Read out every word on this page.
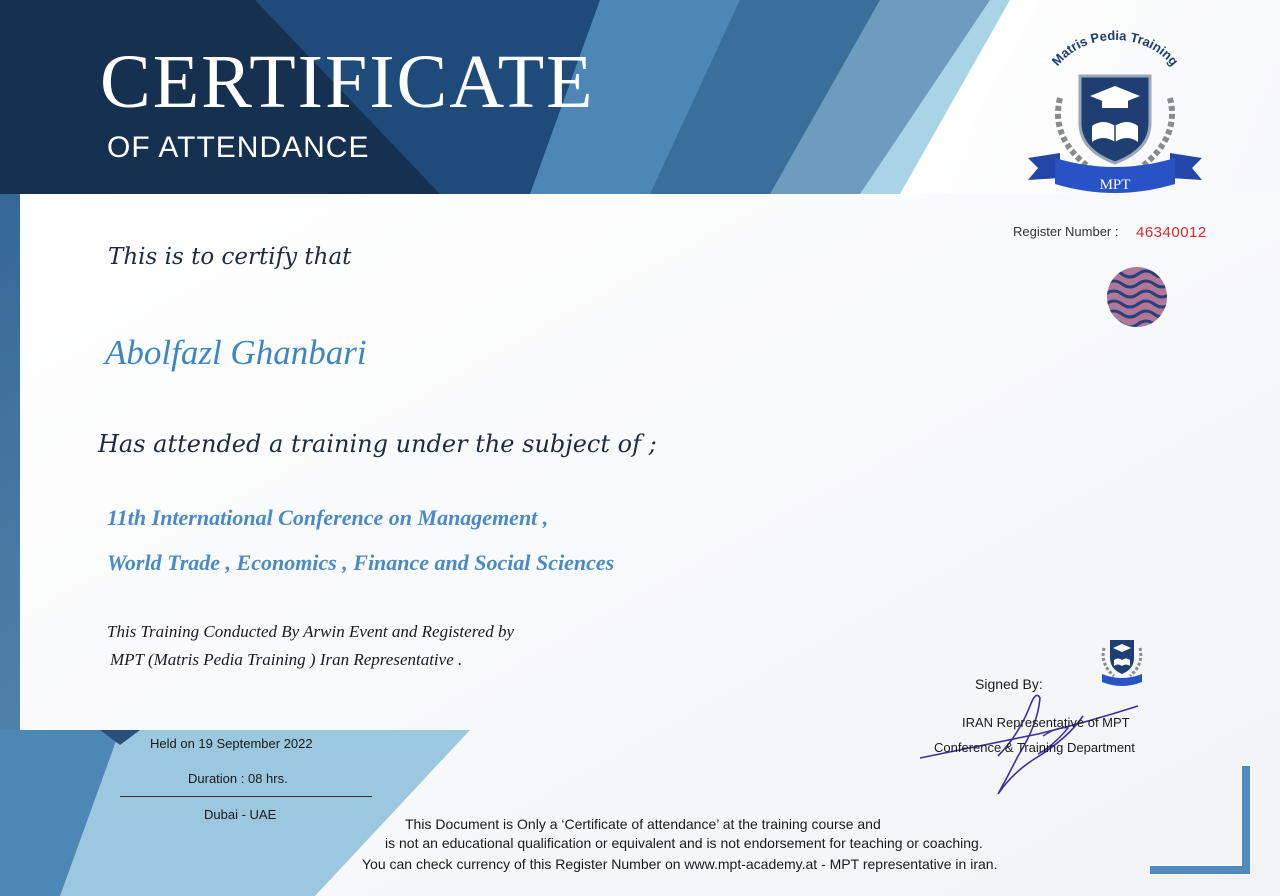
CERTIFICATE
OF ATTENDANCE
Matris Pedia Training
MPT
Register Number : 46340012
This is to certify that
Abolfazl Ghanbari
Has attended a training under the subject of ;
11th International Conference on Management ,
World Trade , Economics , Finance and Social Sciences
This Training Conducted By Arwin Event and Registered by
MPT (Matris Pedia Training ) Iran Representative .
Signed By:
IRAN Representative of MPT
Conference & Training Department
Held on 19 September 2022
Duration : 08 hrs.
Dubai - UAE
This Document is Only a ‘Certificate of attendance’ at the training course and
is not an educational qualification or equivalent and is not endorsement for teaching or coaching.
You can check currency of this Register Number on www.mpt-academy.at - MPT representative in iran.
